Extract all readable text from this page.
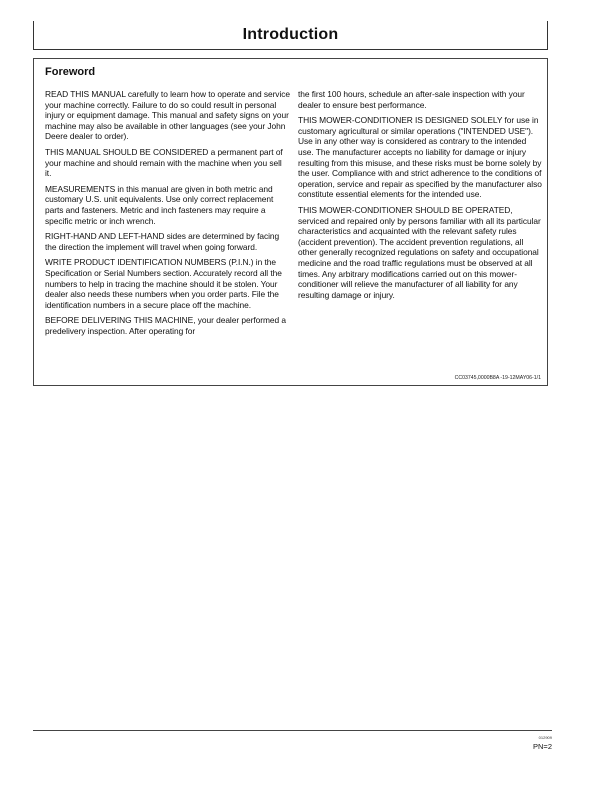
Introduction
Foreword

READ THIS MANUAL carefully to learn how to operate and service your machine correctly. Failure to do so could result in personal injury or equipment damage. This manual and safety signs on your machine may also be available in other languages (see your John Deere dealer to order).

THIS MANUAL SHOULD BE CONSIDERED a permanent part of your machine and should remain with the machine when you sell it.

MEASUREMENTS in this manual are given in both metric and customary U.S. unit equivalents. Use only correct replacement parts and fasteners. Metric and inch fasteners may require a specific metric or inch wrench.

RIGHT-HAND AND LEFT-HAND sides are determined by facing the direction the implement will travel when going forward.

WRITE PRODUCT IDENTIFICATION NUMBERS (P.I.N.) in the Specification or Serial Numbers section. Accurately record all the numbers to help in tracing the machine should it be stolen. Your dealer also needs these numbers when you order parts. File the identification numbers in a secure place off the machine.

BEFORE DELIVERING THIS MACHINE, your dealer performed a predelivery inspection. After operating for

the first 100 hours, schedule an after-sale inspection with your dealer to ensure best performance.

THIS MOWER-CONDITIONER IS DESIGNED SOLELY for use in customary agricultural or similar operations ("INTENDED USE"). Use in any other way is considered as contrary to the intended use. The manufacturer accepts no liability for damage or injury resulting from this misuse, and these risks must be borne solely by the user. Compliance with and strict adherence to the conditions of operation, service and repair as specified by the manufacturer also constitute essential elements for the intended use.

THIS MOWER-CONDITIONER SHOULD BE OPERATED, serviced and repaired only by persons familiar with all its particular characteristics and acquainted with the relevant safety rules (accident prevention). The accident prevention regulations, all other generally recognized regulations on safety and occupational medicine and the road traffic regulations must be observed at all times. Any arbitrary modifications carried out on this mower-conditioner will relieve the manufacturer of all liability for any resulting damage or injury.

CC03745,0000B8A -19-12MAY06-1/1
012909
PN=2
